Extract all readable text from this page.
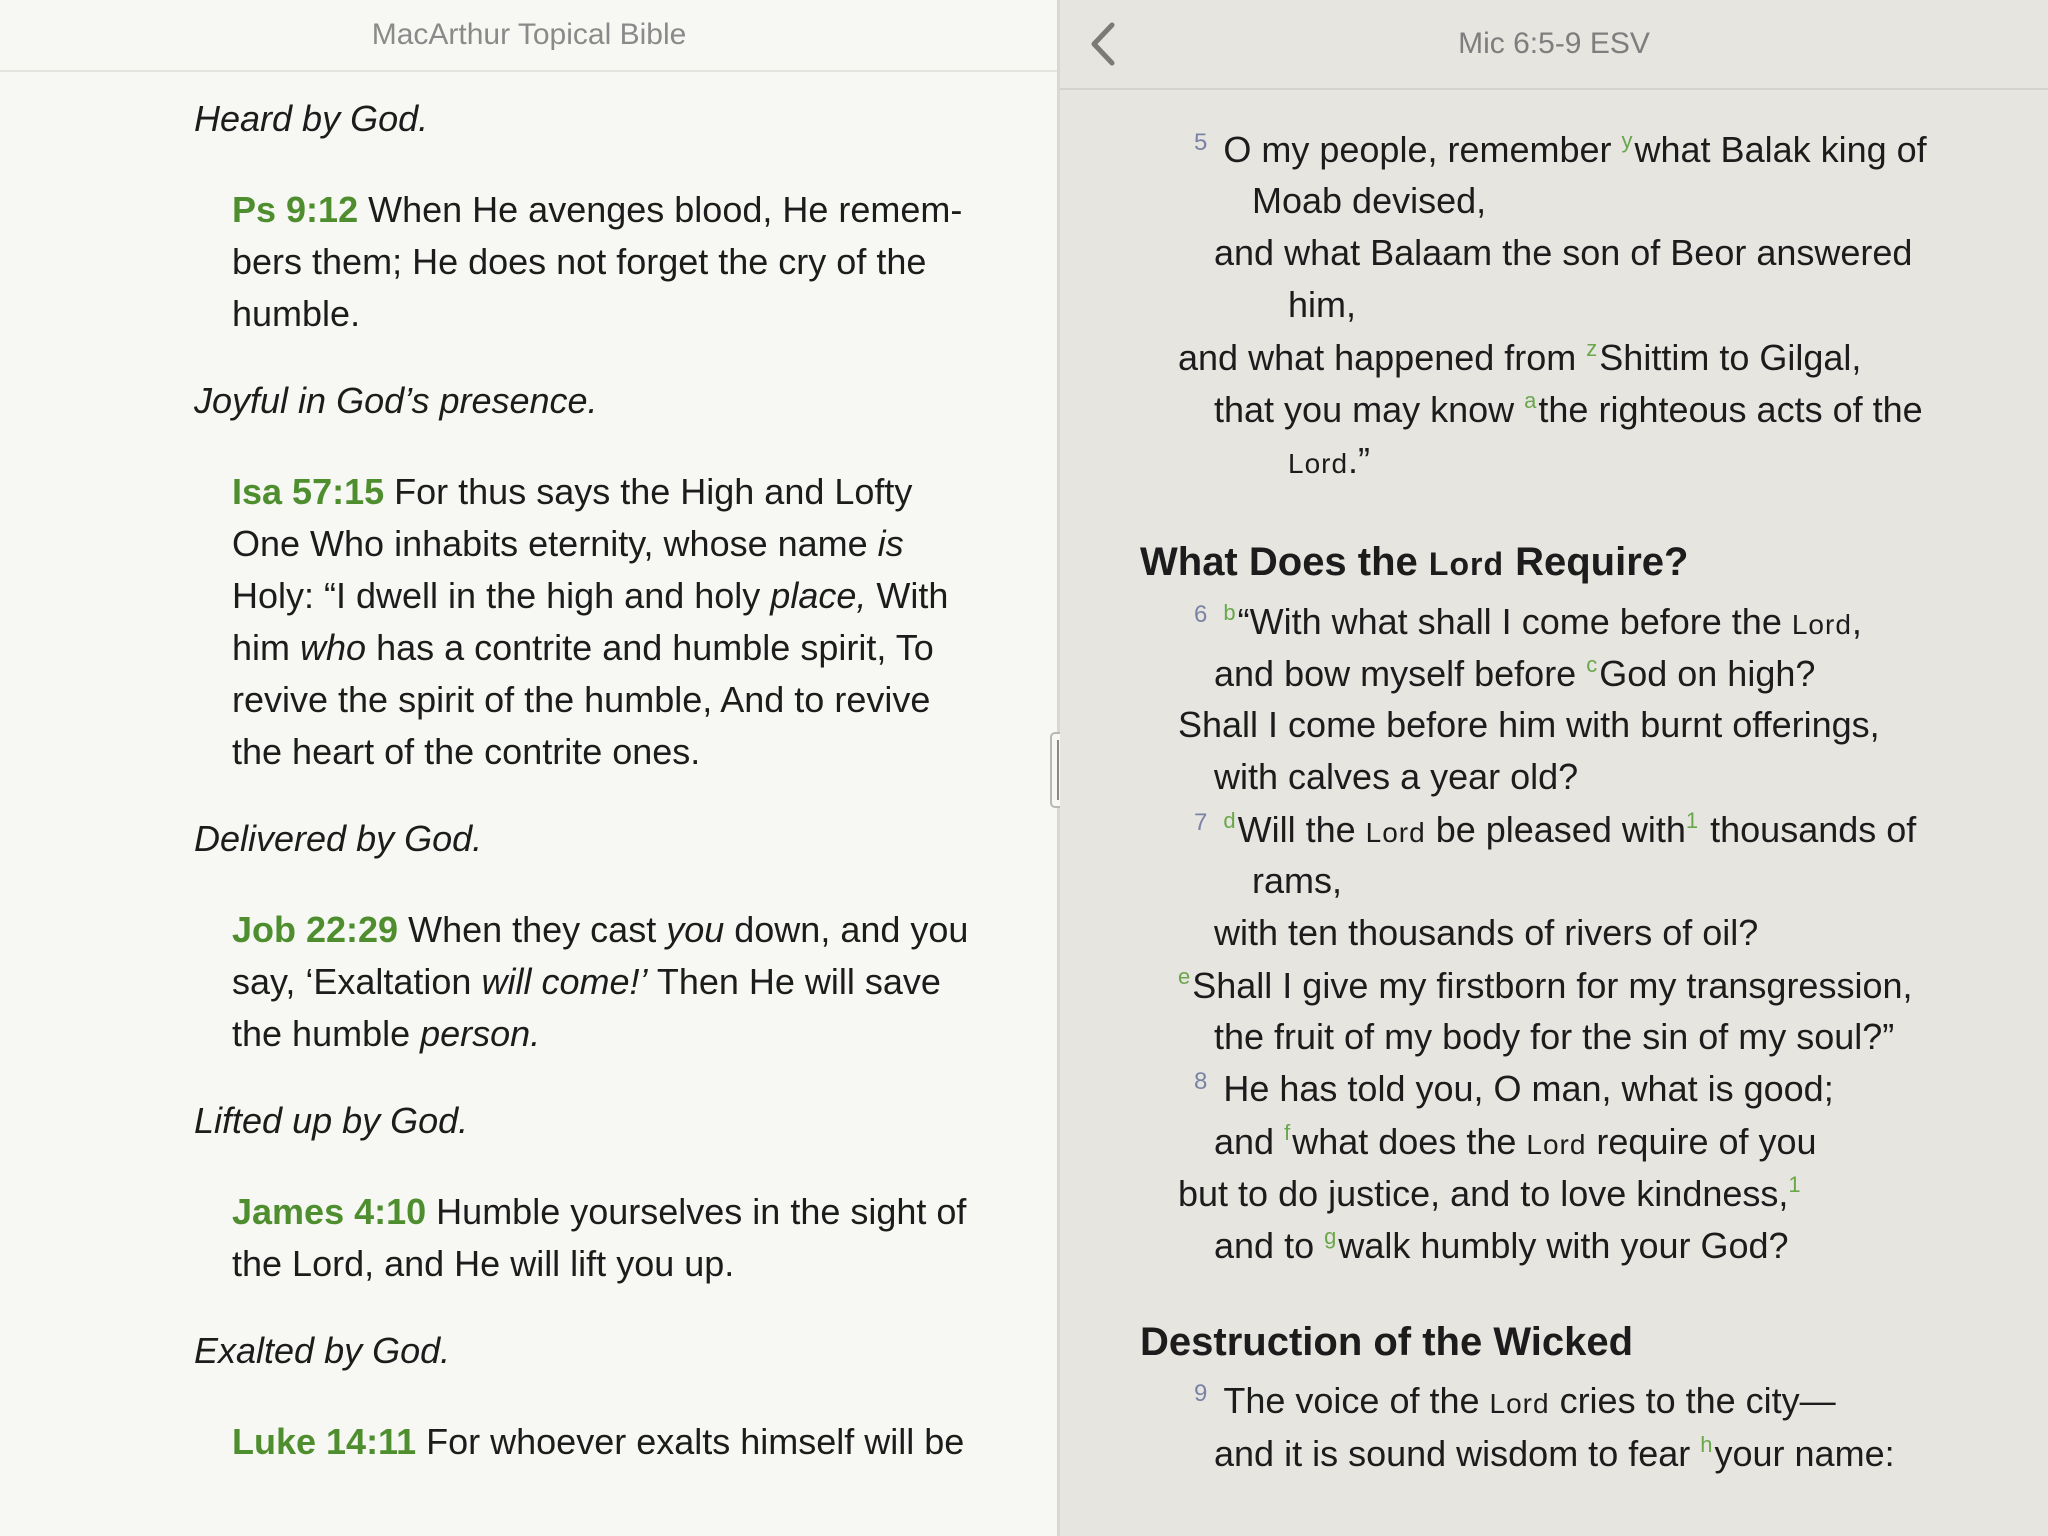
MacArthur Topical Bible
Heard by God.
Ps 9:12 When He avenges blood, He remem-bers them; He does not forget the cry of the humble.
Joyful in God’s presence.
Isa 57:15 For thus says the High and Lofty One Who inhabits eternity, whose name is Holy: “I dwell in the high and holy place, With him who has a contrite and humble spirit, To revive the spirit of the humble, And to revive the heart of the contrite ones.
Delivered by God.
Job 22:29 When they cast you down, and you say, ‘Exaltation will come!’ Then He will save the humble person.
Lifted up by God.
James 4:10 Humble yourselves in the sight of the Lord, and He will lift you up.
Exalted by God.
Luke 14:11 For whoever exalts himself will be
Mic 6:5-9 ESV
5 O my people, remember $^y$what Balak king of
Moab devised,
and what Balaam the son of Beor answered
him,
and what happened from $^z$Shittim to Gilgal,
that you may know $^a$the righteous acts of the
Lord.”
What Does the Lord Require?
6 $^b$“With what shall I come before the Lord,
and bow myself before $^c$God on high?
Shall I come before him with burnt offerings,
with calves a year old?
7 $^d$Will the Lord be pleased with$^1$ thousands of
rams,
with ten thousands of rivers of oil?
$^e$Shall I give my firstborn for my transgression,
the fruit of my body for the sin of my soul?”
8 He has told you, O man, what is good;
and $^f$what does the Lord require of you
but to do justice, and to love kindness,$^1$
and to $^g$walk humbly with your God?
Destruction of the Wicked
9 The voice of the Lord cries to the city—
and it is sound wisdom to fear $^h$your name:
